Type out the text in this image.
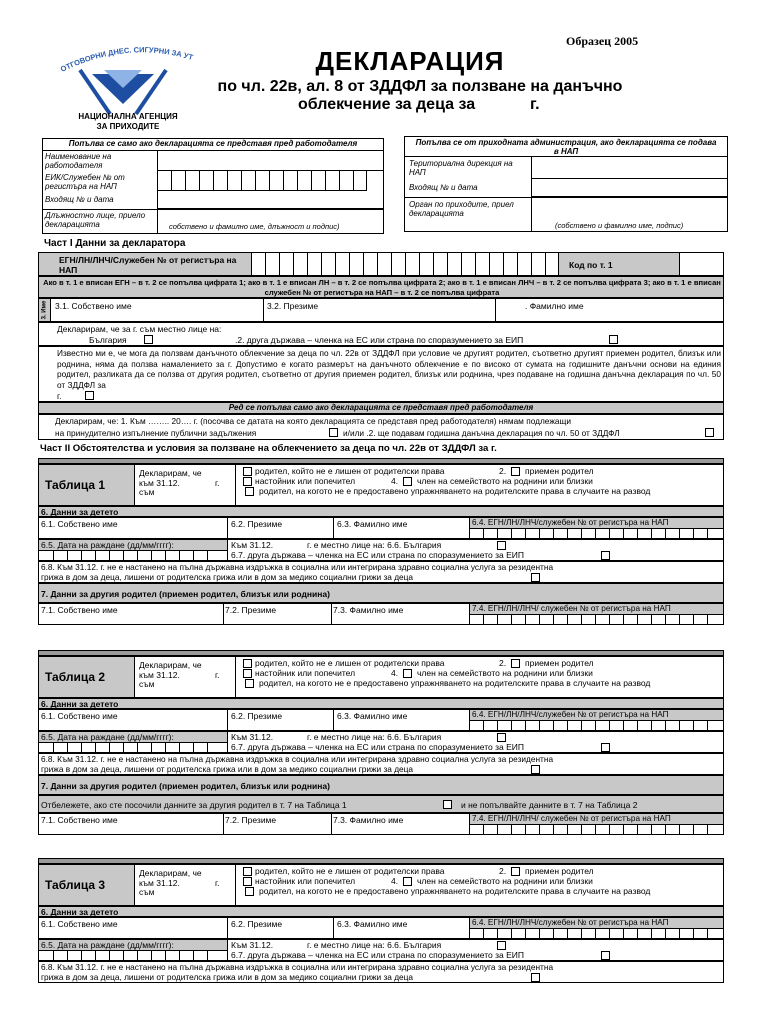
ОТГОВОРНИ ДНЕС. СИГУРНИ ЗА УТ
НАЦИОНАЛНА АГЕНЦИЯ
ЗА ПРИХОДИТЕ
Образец 2005
ДЕКЛАРАЦИЯ
по чл. 22в, ал. 8 от ЗДДФЛ за ползване на данъчно
облекчение за деца за	г.
Попълва се само ако декларацията се представя пред работодателя
Наименование на работодателя
ЕИК/Служебен № от регистъра на НАП
Входящ № и дата
Длъжностно лице, приело декларацията	собствено и фамилно име, длъжност и подпис)
Попълва се от приходната администрация, ако декларацията се подава в НАП
Териториална дирекция на НАП
Входящ № и дата
Орган по приходите, приел декларацията
(собствено и фамилно име, подпис)
Част I Данни за декларатора
ЕГН/ЛН/ЛНЧ/Служебен № от регистъра на НАП	Код по т. 1
Ако в т. 1 е вписан ЕГН – в т. 2 се попълва цифрата 1; ако в т. 1 е вписан ЛН – в т. 2 се попълва цифрата 2; ако в т. 1 е вписан ЛНЧ – в т. 2 се попълва цифрата 3; ако в т. 1 е вписан служебен № от регистъра на НАП – в т. 2 се попълва цифрата
3. Име 3.1. Собствено име	3.2. Презиме	. Фамилно име
Декларирам, че за г. съм местно лице на:
България	.2. друга държава – членка на ЕС или страна по споразумението за ЕИП
Известно ми е, че мога да ползвам данъчното облекчение за деца по чл. 22в от ЗДДФЛ при условие че другият родител, съответно другият приемен родител, близък или роднина, няма да ползва намалението за г. Допустимо е когато размерът на данъчното облекчение е по високо от сумата на годишните данъчни основи на единия родител, разликата да се ползва от другия родител, съответно от другия приемен родител, близък или роднина, чрез подаване на годишна данъчна декларация по чл. 50 от ЗДДФЛ за
г.
Ред се попълва само ако декларацията се представя пред работодателя
Декларирам, че: 1. Към …….. 20…. г. (посочва се датата на която декларацията се представя пред работодателя) нямам подлежащи
на принудително изпълнение публични задължения	и/или .2. ще подавам годишна данъчна декларация по чл. 50 от ЗДДФЛ
Част II Обстоятелства и условия за ползване на облекчението за деца по чл. 22в от ЗДДФЛ за г.
Таблица 1
Декларирам, че
към 31.12.	г.
съм
родител, който не е лишен от родителски права	2. приемен родител
настойник или попечител	4. член на семейството на роднини или близки
родител, на когото не е предоставено упражняването на родителските права в случаите на развод
6. Данни за детето
6.1. Собствено име	6.2. Презиме	6.3. Фамилно име	6.4. ЕГН/ЛН/ЛНЧ/служебен № от регистъра на НАП
6.5. Дата на раждане (дд/мм/гггг):	Към 31.12.	г. е местно лице на: 6.6. България
6.7. друга държава – членка на ЕС или страна по споразумението за ЕИП
6.8. Към 31.12. г. не е настанено на пълна държавна издръжка в социална или интегрирана здравно социална услуга за резидентна
грижа в дом за деца, лишени от родителска грижа или в дом за медико социални грижи за деца
7. Данни за другия родител (приемен родител, близък или роднина)
7.1. Собствено име	7.2. Презиме	7.3. Фамилно име	7.4. ЕГН/ЛН/ЛНЧ/ служебен № от регистъра на НАП
Таблица 2
Декларирам, че
към 31.12.	г.
съм
родител, който не е лишен от родителски права	2. приемен родител
настойник или попечител	4. член на семейството на роднини или близки
родител, на когото не е предоставено упражняването на родителските права в случаите на развод
6. Данни за детето
6.1. Собствено име	6.2. Презиме	6.3. Фамилно име	6.4. ЕГН/ЛН/ЛНЧ/служебен № от регистъра на НАП
6.5. Дата на раждане (дд/мм/гггг):	Към 31.12.	г. е местно лице на: 6.6. България
6.7. друга държава – членка на ЕС или страна по споразумението за ЕИП
6.8. Към 31.12. г. не е настанено на пълна държавна издръжка в социална или интегрирана здравно социална услуга за резидентна
грижа в дом за деца, лишени от родителска грижа или в дом за медико социални грижи за деца
7. Данни за другия родител (приемен родител, близък или роднина)
Отбележете, ако сте посочили данните за другия родител в т. 7 на Таблица 1	и не попълвайте данните в т. 7 на Таблица 2
7.1. Собствено име	7.2. Презиме	7.3. Фамилно име	7.4. ЕГН/ЛН/ЛНЧ/ служебен № от регистъра на НАП
Таблица 3
Декларирам, че
към 31.12.	г.
съм
родител, който не е лишен от родителски права	2. приемен родител
настойник или попечител	4. член на семейството на роднини или близки
родител, на когото не е предоставено упражняването на родителските права в случаите на развод
6. Данни за детето
6.1. Собствено име	6.2. Презиме	6.3. Фамилно име	6.4. ЕГН/ЛН/ЛНЧ/служебен № от регистъра на НАП
6.5. Дата на раждане (дд/мм/гггг):	Към 31.12.	г. е местно лице на: 6.6. България
6.7. друга държава – членка на ЕС или страна по споразумението за ЕИП
6.8. Към 31.12. г. не е настанено на пълна държавна издръжка в социална или интегрирана здравно социална услуга за резидентна
грижа в дом за деца, лишени от родителска грижа или в дом за медико социални грижи за деца
